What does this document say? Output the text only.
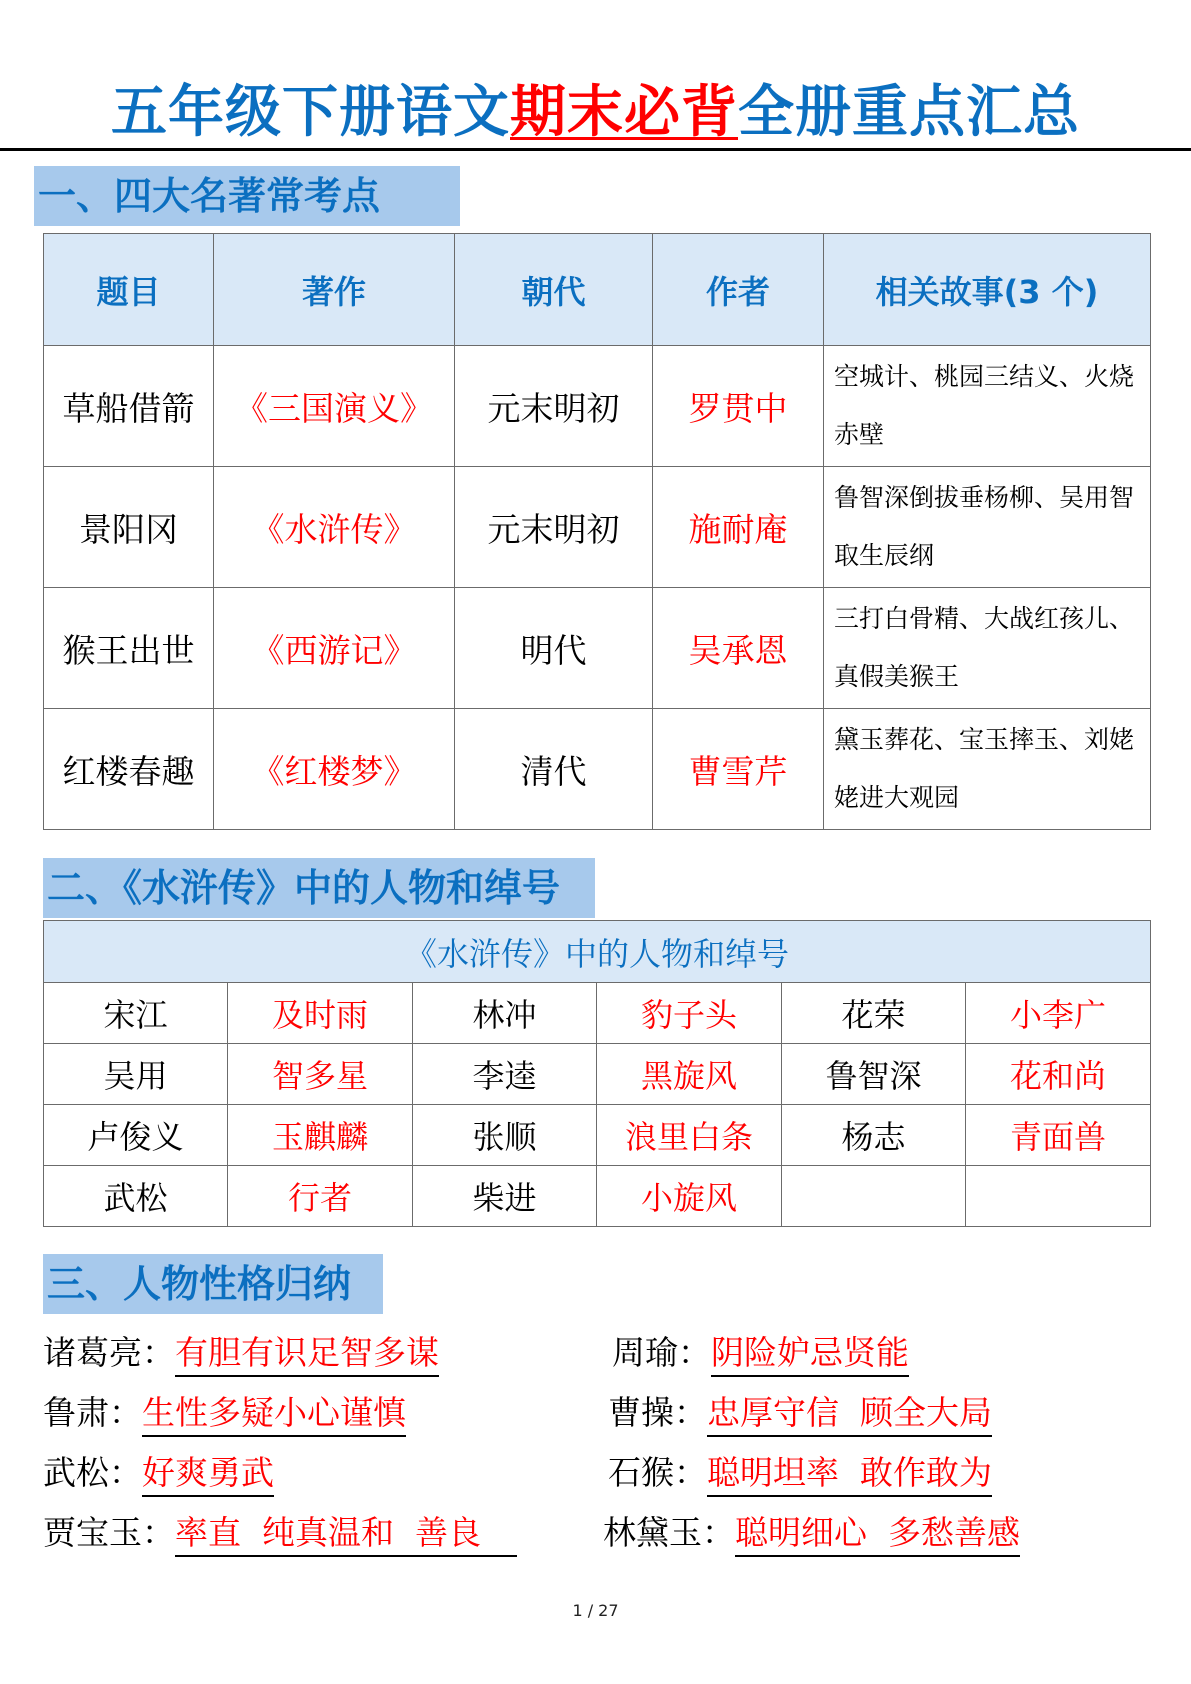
五年级下册语文期末必背全册重点汇总
一、四大名著常考点
题目	著作	朝代	作者	相关故事(3 个)
草船借箭	《三国演义》	元末明初	罗贯中	空城计、桃园三结义、火烧赤壁
景阳冈	《水浒传》	元末明初	施耐庵	鲁智深倒拔垂杨柳、吴用智取生辰纲
猴王出世	《西游记》	明代	吴承恩	三打白骨精、大战红孩儿、真假美猴王
红楼春趣	《红楼梦》	清代	曹雪芹	黛玉葬花、宝玉摔玉、刘姥姥进大观园
二、《水浒传》中的人物和绰号
《水浒传》中的人物和绰号					
宋江	及时雨	林冲	豹子头	花荣	小李广
吴用	智多星	李逵	黑旋风	鲁智深	花和尚
卢俊义	玉麒麟	张顺	浪里白条	杨志	青面兽
武松	行者	柴进	小旋风		
三、人物性格归纳
诸葛亮：有胆有识足智多谋
鲁肃：生性多疑小心谨慎
武松：好爽勇武
贾宝玉：率直  纯真温和  善良
周瑜：阴险妒忌贤能
曹操：忠厚守信  顾全大局
石猴：聪明坦率  敢作敢为
林黛玉：聪明细心  多愁善感
1 / 27
